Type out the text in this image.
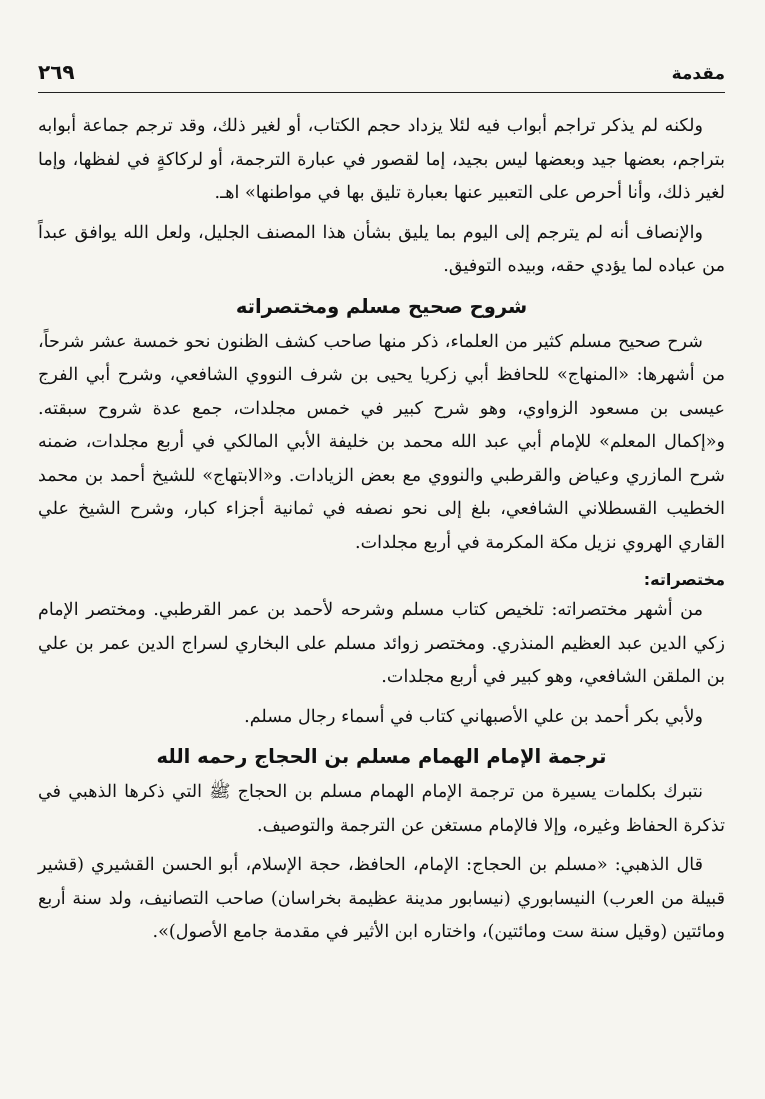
٢٦٩	مقدمة

ولكنه لم يذكر تراجم أبواب فيه لئلا يزداد حجم الكتاب، أو لغير ذلك، وقد ترجم جماعة أبوابه بتراجم، بعضها جيد وبعضها ليس بجيد، إما لقصور في عبارة الترجمة، أو لركاكةٍ في لفظها، وإما لغير ذلك، وأنا أحرص على التعبير عنها بعبارة تليق بها في مواطنها» اهـ.

والإنصاف أنه لم يترجم إلى اليوم بما يليق بشأن هذا المصنف الجليل، ولعل الله يوافق عبداً من عباده لما يؤدي حقه، وبيده التوفيق.

شروح صحيح مسلم ومختصراته

شرح صحيح مسلم كثير من العلماء، ذكر منها صاحب كشف الظنون نحو خمسة عشر شرحاً، من أشهرها: «المنهاج» للحافظ أبي زكريا يحيى بن شرف النووي الشافعي، وشرح أبي الفرج عيسى بن مسعود الزواوي، وهو شرح كبير في خمس مجلدات، جمع عدة شروح سبقته. و«إكمال المعلم» للإمام أبي عبد الله محمد بن خليفة الأبي المالكي في أربع مجلدات، ضمنه شرح المازري وعياض والقرطبي والنووي مع بعض الزيادات. و«الابتهاج» للشيخ أحمد بن محمد الخطيب القسطلاني الشافعي، بلغ إلى نحو نصفه في ثمانية أجزاء كبار، وشرح الشيخ علي القاري الهروي نزيل مكة المكرمة في أربع مجلدات.

مختصراته:

من أشهر مختصراته: تلخيص كتاب مسلم وشرحه لأحمد بن عمر القرطبي. ومختصر الإمام زكي الدين عبد العظيم المنذري. ومختصر زوائد مسلم على البخاري لسراج الدين عمر بن علي بن الملقن الشافعي، وهو كبير في أربع مجلدات.

ولأبي بكر أحمد بن علي الأصبهاني كتاب في أسماء رجال مسلم.

ترجمة الإمام الهمام مسلم بن الحجاج رحمه الله

نتبرك بكلمات يسيرة من ترجمة الإمام الهمام مسلم بن الحجاج ﷺ التي ذكرها الذهبي في تذكرة الحفاظ وغيره، وإلا فالإمام مستغن عن الترجمة والتوصيف.

قال الذهبي: «مسلم بن الحجاج: الإمام، الحافظ، حجة الإسلام، أبو الحسن القشيري (قشير قبيلة من العرب) النيسابوري (نيسابور مدينة عظيمة بخراسان) صاحب التصانيف، ولد سنة أربع ومائتين (وقيل سنة ست ومائتين)، واختاره ابن الأثير في مقدمة جامع الأصول)».
